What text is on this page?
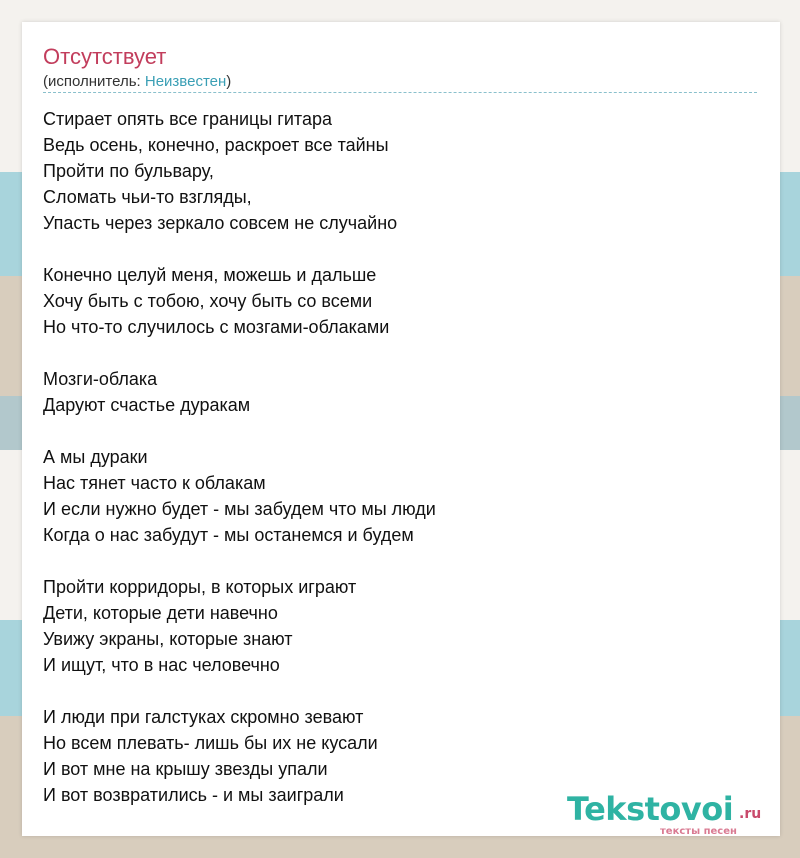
Отсутствует
(исполнитель: Неизвестен)
Стирает опять все границы гитара
Ведь осень, конечно, раскроет все тайны
Пройти по бульвару,
Сломать чьи-то взгляды,
Упасть через зеркало совсем не случайно
Конечно целуй меня, можешь и дальше
Хочу быть с тобою, хочу быть со всеми
Но что-то случилось с мозгами-облаками
Мозги-облака
Даруют счастье дуракам
А мы дураки
Нас тянет часто к облакам
И если нужно будет - мы забудем что мы люди
Когда о нас забудут - мы останемся и будем
Пройти корридоры, в которых играют
Дети, которые дети навечно
Увижу экраны, которые знают
И ищут, что в нас человечно
И люди при галстуках скромно зевают
Но всем плевать- лишь бы их не кусали
И вот мне на крышу звезды упали
И вот возвратились - и мы заиграли	Tekstovoi .ru
тексты песен
